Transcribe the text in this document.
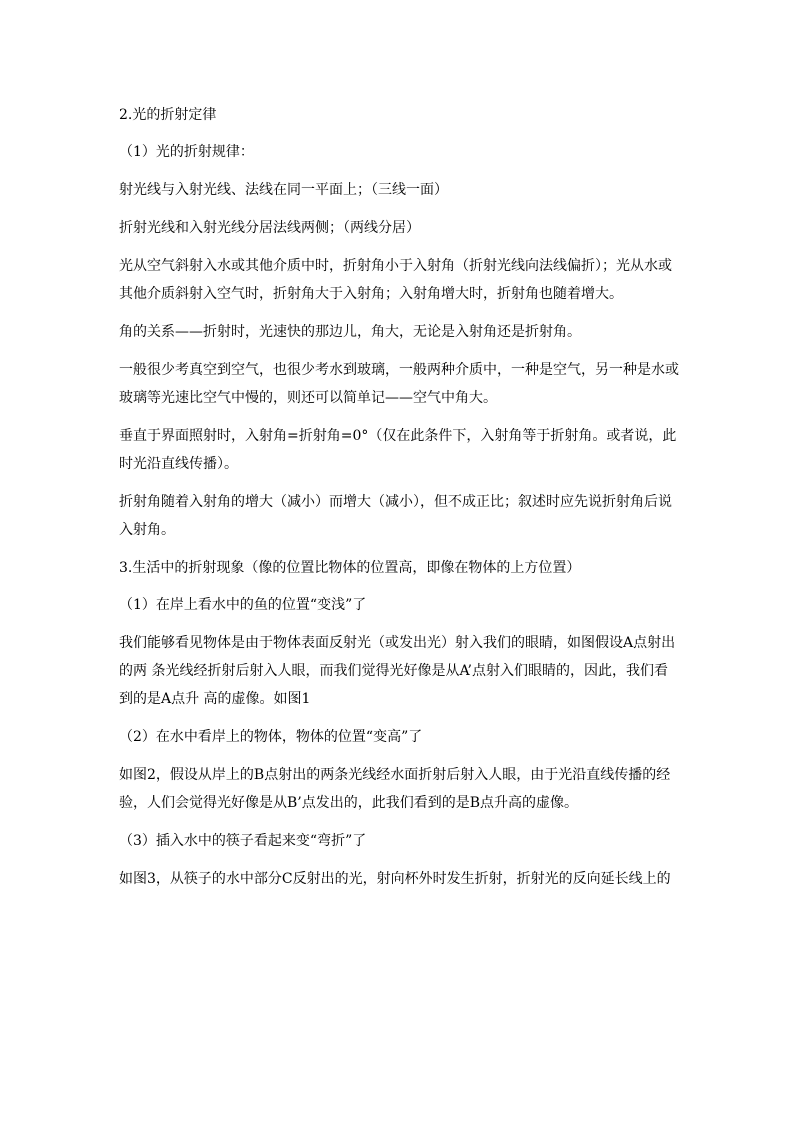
2.光的折射定律

（1）光的折射规律：

射光线与入射光线、法线在同一平面上；（三线一面）

折射光线和入射光线分居法线两侧；（两线分居）

光从空气斜射入水或其他介质中时，折射角小于入射角（折射光线向法线偏折）；光从水或其他介质斜射入空气时，折射角大于入射角；入射角增大时，折射角也随着增大。

角的关系——折射时，光速快的那边儿，角大，无论是入射角还是折射角。

一般很少考真空到空气，也很少考水到玻璃，一般两种介质中，一种是空气，另一种是水或玻璃等光速比空气中慢的，则还可以简单记——空气中角大。

垂直于界面照射时，入射角=折射角=0°（仅在此条件下，入射角等于折射角。或者说，此时光沿直线传播）。

折射角随着入射角的增大（减小）而增大（减小），但不成正比；叙述时应先说折射角后说入射角。

3.生活中的折射现象（像的位置比物体的位置高，即像在物体的上方位置）

（1）在岸上看水中的鱼的位置“变浅”了

我们能够看见物体是由于物体表面反射光（或发出光）射入我们的眼睛，如图假设A点射出的两 条光线经折射后射入人眼，而我们觉得光好像是从A’点射入们眼睛的，因此，我们看到的是A点升 高的虚像。如图1

（2）在水中看岸上的物体，物体的位置“变高”了

如图2，假设从岸上的B点射出的两条光线经水面折射后射入人眼，由于光沿直线传播的经验，人们会觉得光好像是从B’点发出的，此我们看到的是B点升高的虚像。

（3）插入水中的筷子看起来变“弯折”了

如图3，从筷子的水中部分C反射出的光，射向杯外时发生折射，折射光的反向延长线上的
